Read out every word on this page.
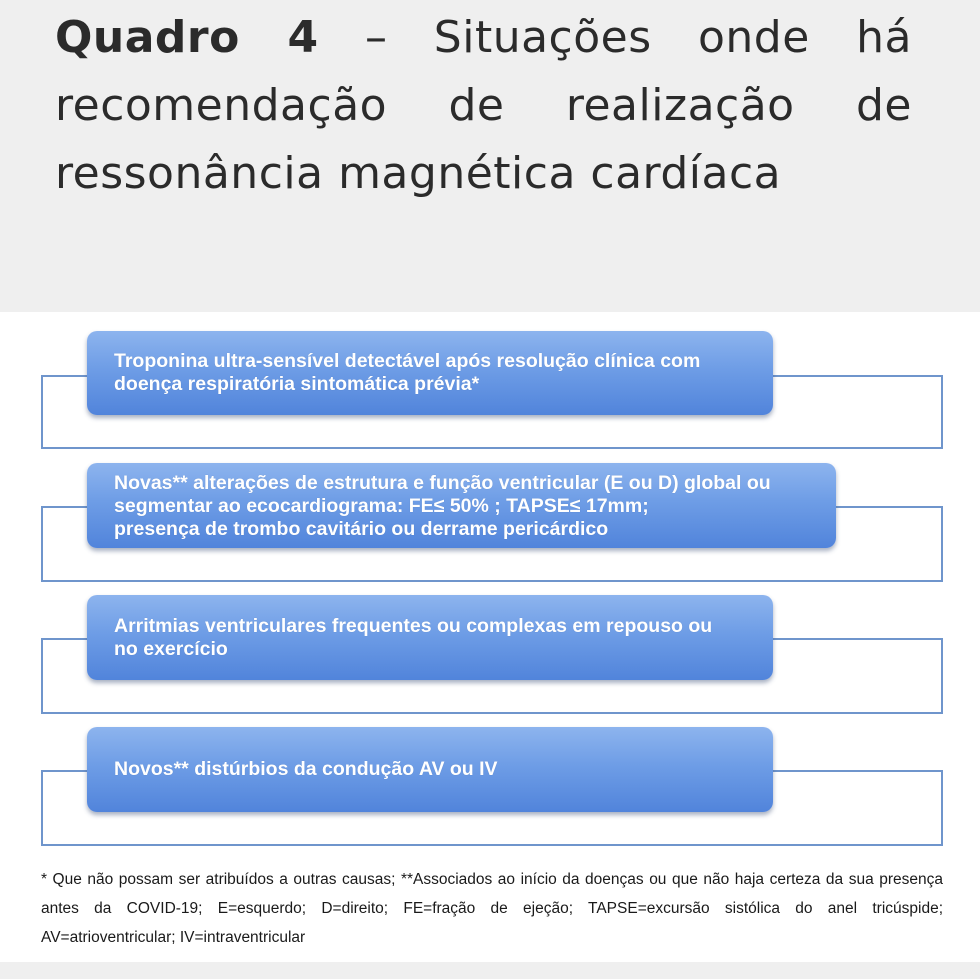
Quadro 4 – Situações onde há recomendação de realização de ressonância magnética cardíaca
Troponina ultra-sensível detectável após resolução clínica com
doença respiratória sintomática prévia*
Novas** alterações de estrutura e função ventricular (E ou D) global ou
segmentar ao ecocardiograma: FE≤ 50% ; TAPSE≤ 17mm;
presença de trombo cavitário ou derrame pericárdico
Arritmias ventriculares frequentes ou complexas em repouso ou
no exercício
Novos** distúrbios da condução AV ou IV

* Que não possam ser atribuídos a outras causas; **Associados ao início da doenças ou que não haja certeza da sua presença antes da COVID-19; E=esquerdo; D=direito; FE=fração de ejeção; TAPSE=excursão sistólica do anel tricúspide; AV=atrioventricular; IV=intraventricular
